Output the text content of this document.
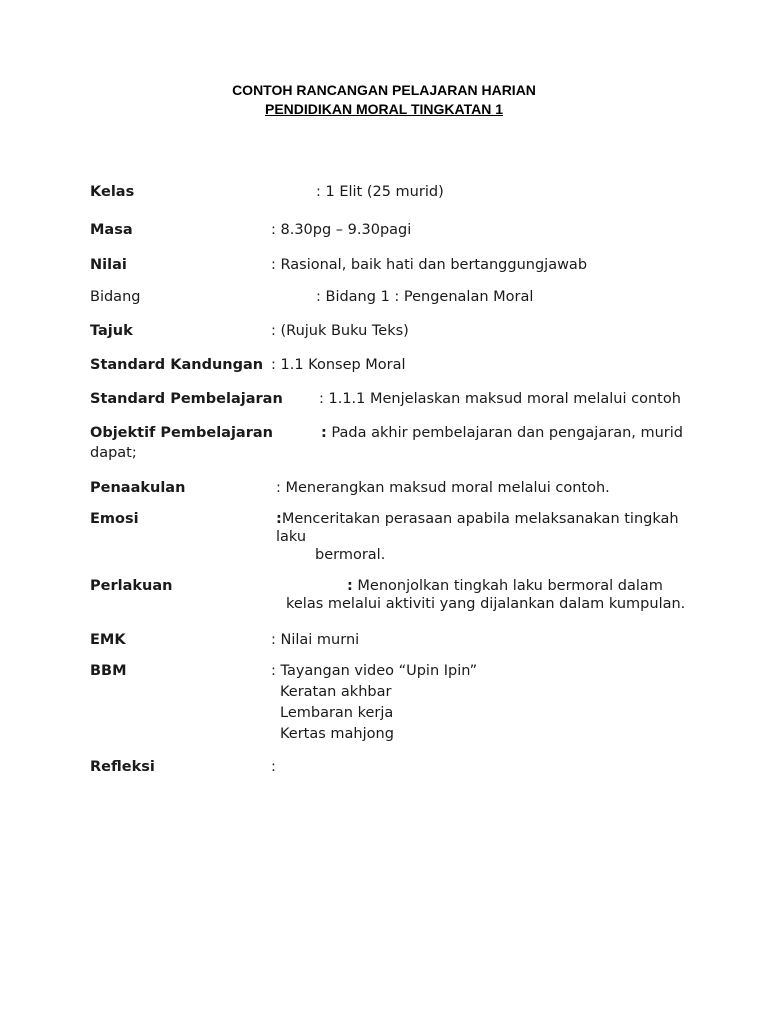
CONTOH RANCANGAN PELAJARAN HARIAN
PENDIDIKAN MORAL TINGKATAN 1
Kelas	: 1 Elit (25 murid)
Masa	: 8.30pg – 9.30pagi
Nilai	: Rasional, baik hati dan bertanggungjawab
Bidang	: Bidang 1 : Pengenalan Moral
Tajuk	: (Rujuk Buku Teks)
Standard Kandungan : 1.1 Konsep Moral
Standard Pembelajaran : 1.1.1 Menjelaskan maksud moral melalui contoh
Objektif Pembelajaran	: Pada akhir pembelajaran dan pengajaran, murid
dapat;
Penaakulan	: Menerangkan maksud moral melalui contoh.
Emosi	:Menceritakan perasaan apabila melaksanakan tingkah
laku
bermoral.
Perlakuan	: Menonjolkan tingkah laku bermoral dalam
kelas melalui aktiviti yang dijalankan dalam kumpulan.
EMK	: Nilai murni
BBM	: Tayangan video “Upin Ipin”
Keratan akhbar
Lembaran kerja
Kertas mahjong
Refleksi	:
